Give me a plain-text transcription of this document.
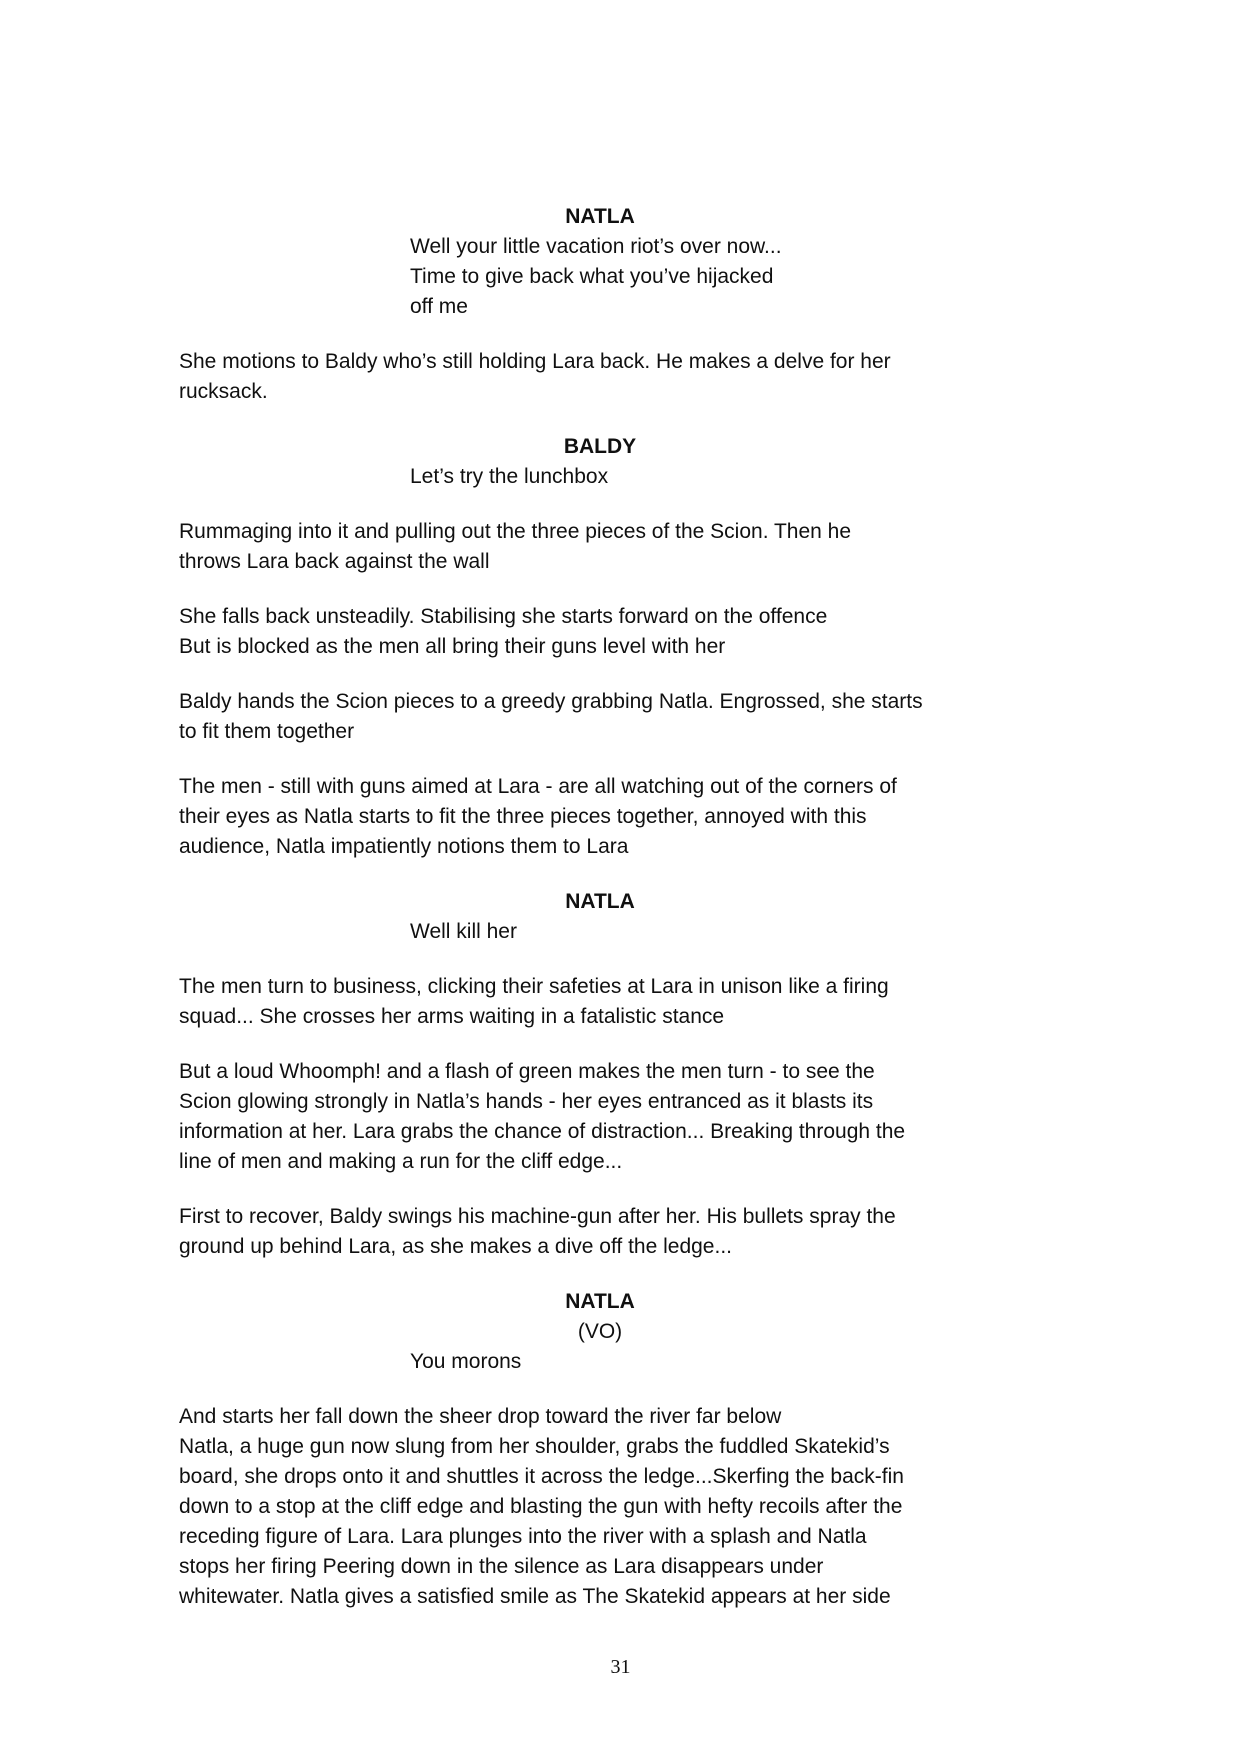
NATLA
Well your little vacation riot’s over now...
Time to give back what you’ve hijacked
off me
She motions to Baldy who’s still holding Lara back. He makes a delve for her
rucksack.
BALDY
Let’s try the lunchbox
Rummaging into it and pulling out the three pieces of the Scion. Then he
throws Lara back against the wall
She falls back unsteadily. Stabilising she starts forward on the offence
But is blocked as the men all bring their guns level with her
Baldy hands the Scion pieces to a greedy grabbing Natla. Engrossed, she starts
to fit them together
The men - still with guns aimed at Lara - are all watching out of the corners of
their eyes as Natla starts to fit the three pieces together, annoyed with this
audience, Natla impatiently notions them to Lara
NATLA
Well kill her
The men turn to business, clicking their safeties at Lara in unison like a firing
squad... She crosses her arms waiting in a fatalistic stance
But a loud Whoomph! and a flash of green makes the men turn - to see the
Scion glowing strongly in Natla’s hands - her eyes entranced as it blasts its
information at her. Lara grabs the chance of distraction... Breaking through the
line of men and making a run for the cliff edge...
First to recover, Baldy swings his machine-gun after her. His bullets spray the
ground up behind Lara, as she makes a dive off the ledge...
NATLA
(VO)
You morons
And starts her fall down the sheer drop toward the river far below
Natla, a huge gun now slung from her shoulder, grabs the fuddled Skatekid’s
board, she drops onto it and shuttles it across the ledge...Skerfing the back-fin
down to a stop at the cliff edge and blasting the gun with hefty recoils after the
receding figure of Lara. Lara plunges into the river with a splash and Natla
stops her firing Peering down in the silence as Lara disappears under
whitewater. Natla gives a satisfied smile as The Skatekid appears at her side
31
